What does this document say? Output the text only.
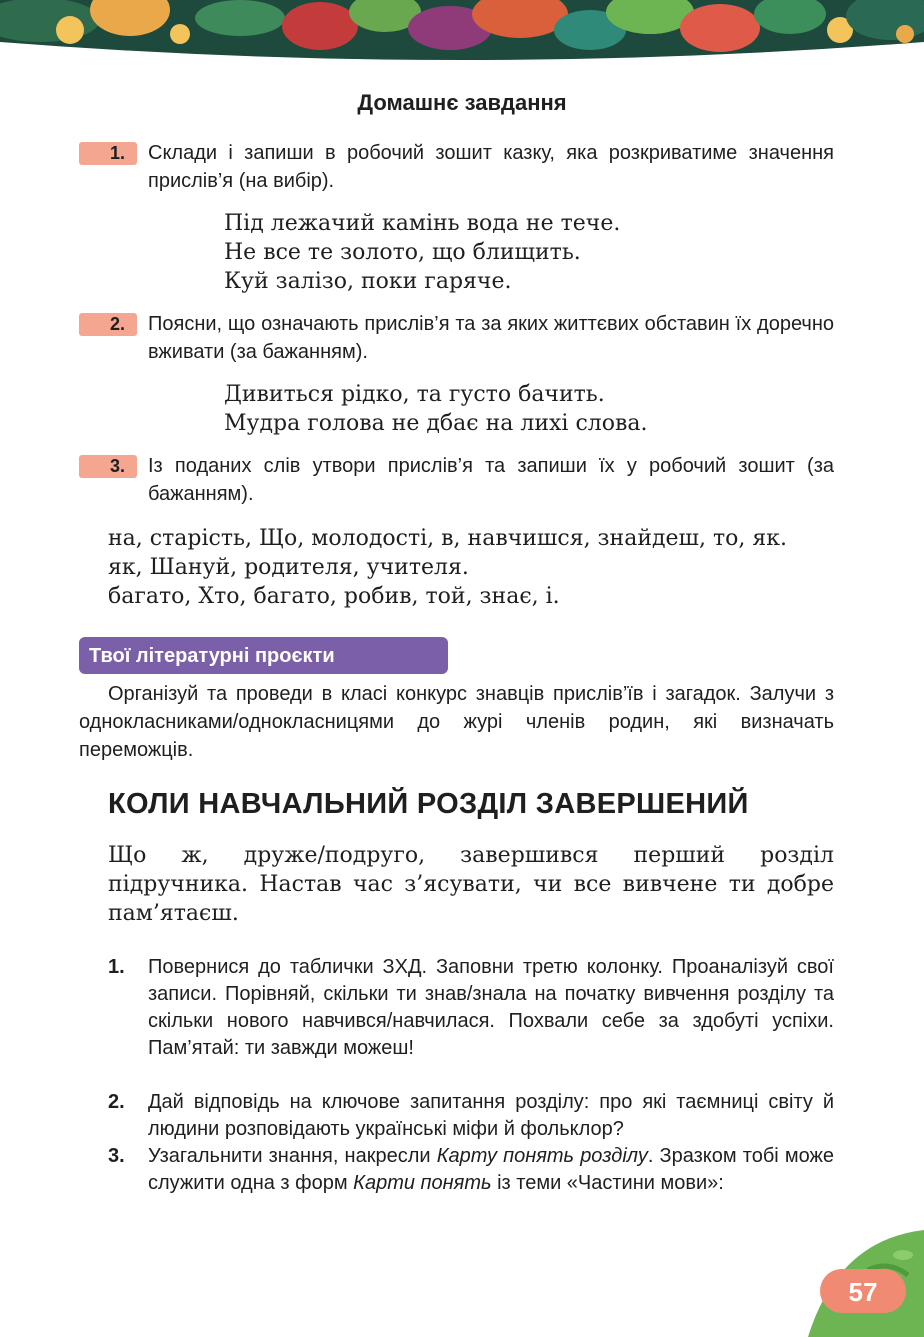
Домашнє завдання
1.	Склади і запиши в робочий зошит казку, яка розкриватиме значення прислів’я (на вибір).
Під лежачий камінь вода не тече.
Не все те золото, що блищить.
Куй залізо, поки гаряче.
2.	Поясни, що означають прислів’я та за яких життєвих обставин їх доречно вживати (за бажанням).
Дивиться рідко, та густо бачить.
Мудра голова не дбає на лихі слова.
3.	Із поданих слів утвори прислів’я та запиши їх у робочий зошит (за бажанням).
на, старість, Що, молодості, в, навчишся, знайдеш, то, як.
як, Шануй, родителя, учителя.
багато, Хто, багато, робив, той, знає, і.
Твої літературні проєкти
Організуй та проведи в класі конкурс знавців прислів’їв і загадок. Залучи з однокласниками/однокласницями до журі членів родин, які визначать переможців.
КОЛИ НАВЧАЛЬНИЙ РОЗДІЛ ЗАВЕРШЕНИЙ
Що ж, друже/подруго, завершився перший розділ підручника. Настав час з’ясувати, чи все вивчене ти добре пам’ятаєш.
1.	Повернися до таблички ЗХД. Заповни третю колонку. Проаналізуй свої записи. Порівняй, скільки ти знав/знала на початку вивчення розділу та скільки нового навчився/навчилася. Похвали себе за здобуті успіхи. Пам’ятай: ти завжди можеш!
2.	Дай відповідь на ключове запитання розділу: про які таємниці світу й людини розповідають українські міфи й фольклор?
3.	Узагальнити знання, накресли Карту понять розділу. Зразком тобі може служити одна з форм Карти понять із теми «Частини мови»:
57
